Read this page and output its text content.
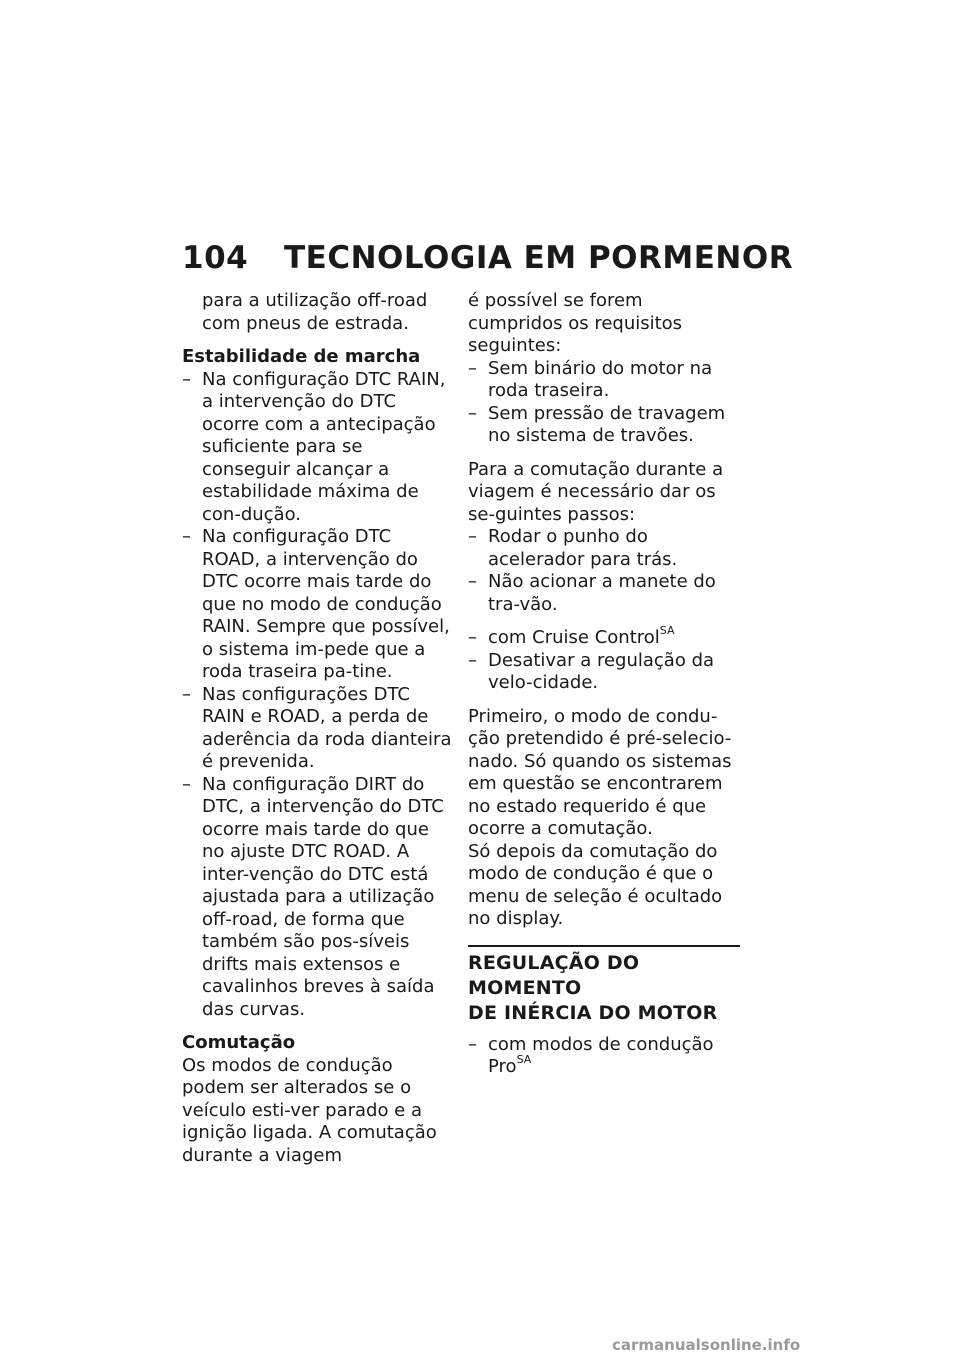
104 TECNOLOGIA EM PORMENOR

para a utilização off-road com pneus de estrada.

Estabilidade de marcha

– Na configuração DTC RAIN, a intervenção do DTC ocorre com a antecipação suficiente para se conseguir alcançar a estabilidade máxima de con-dução.

– Na configuração DTC ROAD, a intervenção do DTC ocorre mais tarde do que no modo de condução RAIN. Sempre que possível, o sistema im-pede que a roda traseira pa-tine.

– Nas configurações DTC RAIN e ROAD, a perda de aderência da roda dianteira é prevenida.

– Na configuração DIRT do DTC, a intervenção do DTC ocorre mais tarde do que no ajuste DTC ROAD. A inter-venção do DTC está ajustada para a utilização off-road, de forma que também são pos-síveis drifts mais extensos e cavalinhos breves à saída das curvas.

Comutação

Os modos de condução podem ser alterados se o veículo esti-ver parado e a ignição ligada. A comutação durante a viagem

é possível se forem cumpridos os requisitos seguintes:

– Sem binário do motor na roda traseira.

– Sem pressão de travagem no sistema de travões.

Para a comutação durante a viagem é necessário dar os se-guintes passos:

– Rodar o punho do acelerador para trás.

– Não acionar a manete do tra-vão.

– com Cruise Control$^{SA}$

– Desativar a regulação da velo-cidade.

Primeiro, o modo de condu-ção pretendido é pré-selecio-nado. Só quando os sistemas em questão se encontrarem no estado requerido é que ocorre a comutação.

Só depois da comutação do modo de condução é que o menu de seleção é ocultado no display.

REGULAÇÃO DO MOMENTO
DE INÉRCIA DO MOTOR

– com modos de condução
Pro$^{SA}$

carmanualsonline.info
